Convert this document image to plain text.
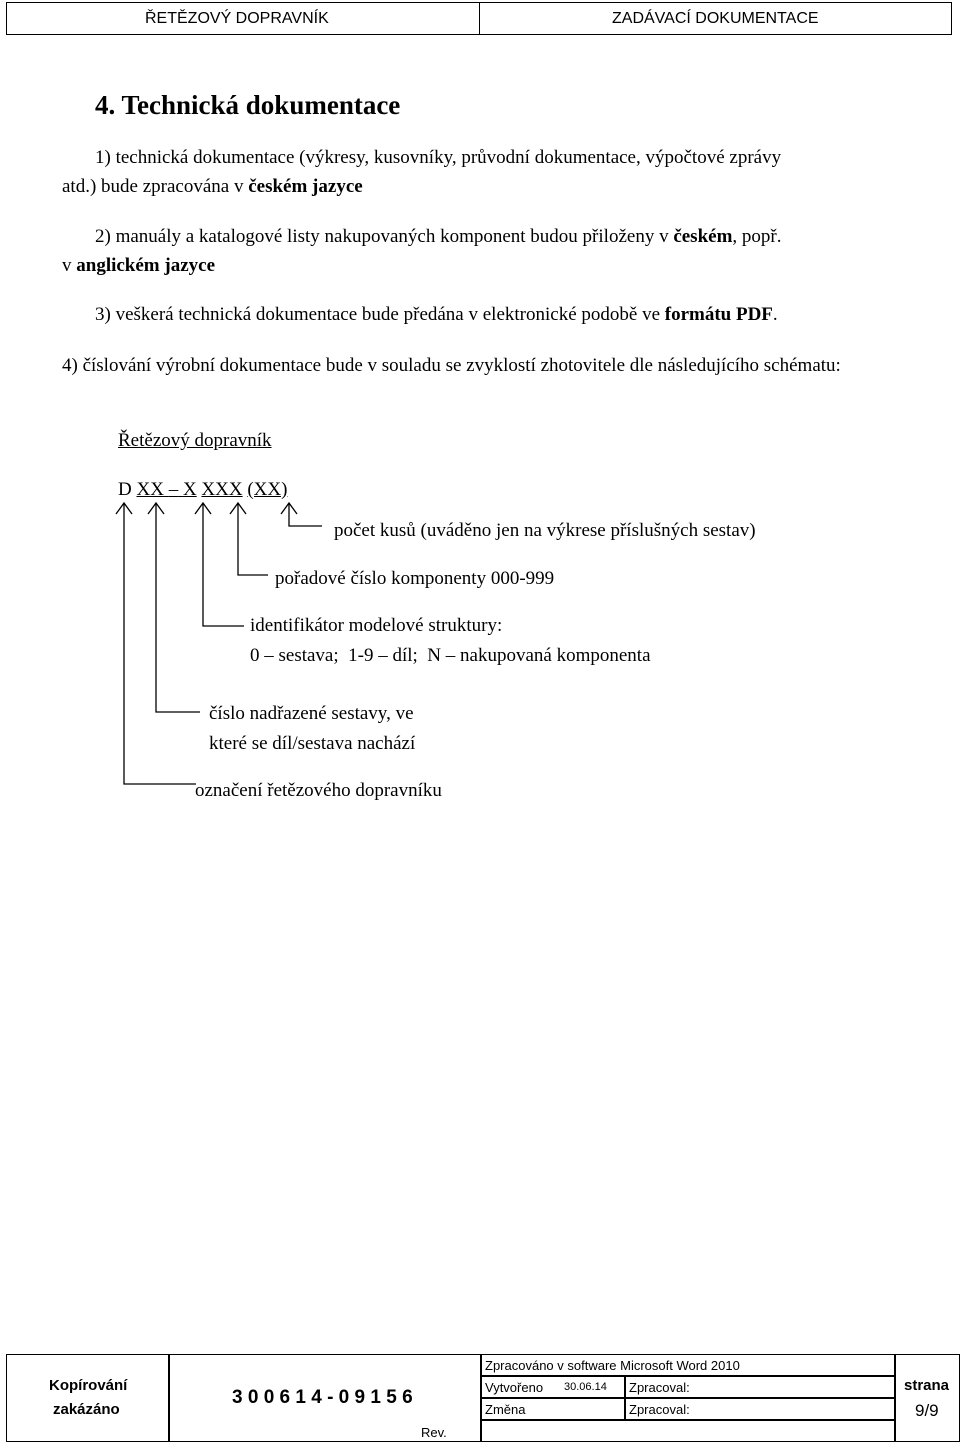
ŘETĚZOVÝ DOPRAVNÍK	ZADÁVACÍ DOKUMENTACE
4. Technická dokumentace
1) technická dokumentace (výkresy, kusovníky, průvodní dokumentace, výpočtové zprávy
atd.) bude zpracována v českém jazyce
2) manuály a katalogové listy nakupovaných komponent budou přiloženy v českém, popř.
v anglickém jazyce
3) veškerá technická dokumentace bude předána v elektronické podobě ve formátu PDF.
4) číslování výrobní dokumentace bude v souladu se zvyklostí zhotovitele dle následujícího schématu:
Řetězový dopravník
D XX – X XXX (XX)
počet kusů (uváděno jen na výkrese příslušných sestav)
pořadové číslo komponenty 000-999
identifikátor modelové struktury:
0 – sestava;  1-9 – díl;  N – nakupovaná komponenta
číslo nadřazené sestavy, ve
které se díl/sestava nachází
označení řetězového dopravníku
Kopírování
zakázáno
3 0 0 6 1 4 - 0 9 1 5 6
Rev.
Zpracováno v software Microsoft Word 2010
Vytvořeno 30.06.14 Zpracoval:
Změna	Zpracoval:
strana
9/9
